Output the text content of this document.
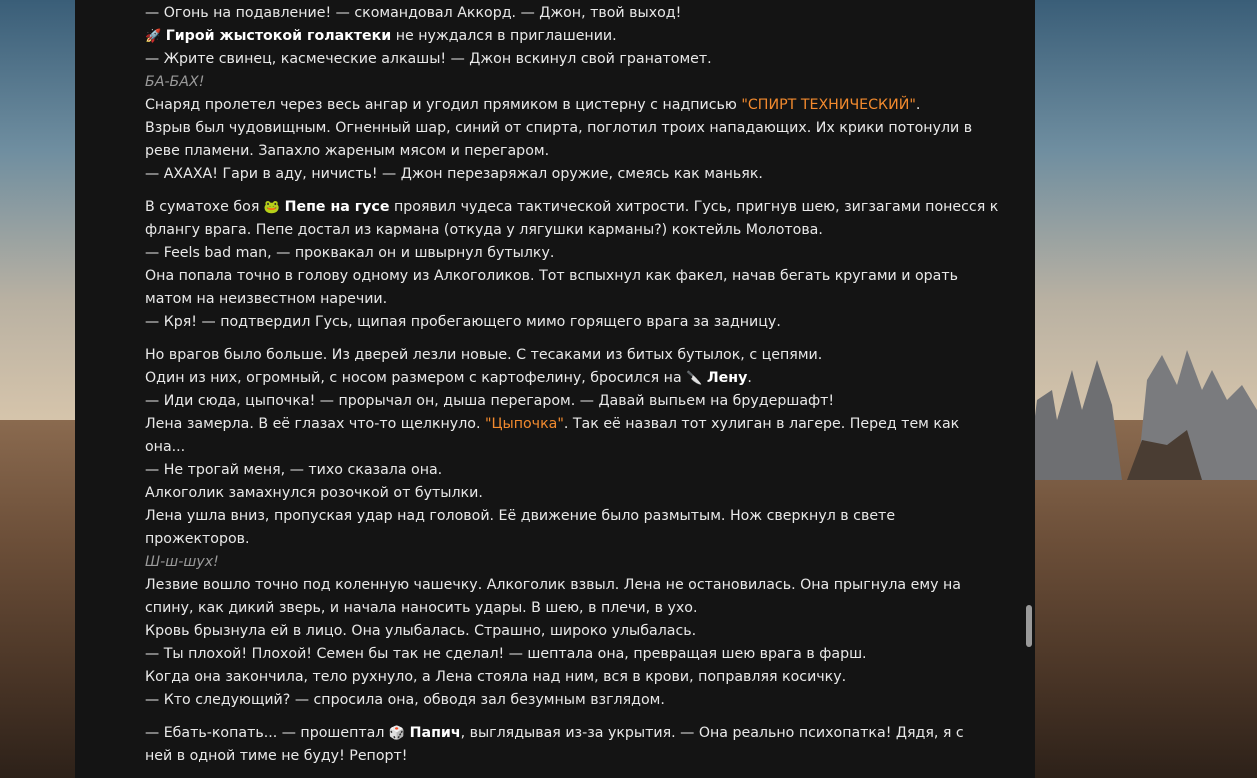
— Огонь на подавление! — скомандовал Аккорд. — Джон, твой выход!
🚀 Гирой жыстокой голактеки не нуждался в приглашении.
— Жрите свинец, касмеческие алкашы! — Джон вскинул свой гранатомет.
БА-БАХ!
Снаряд пролетел через весь ангар и угодил прямиком в цистерну с надписью "СПИРТ ТЕХНИЧЕСКИЙ".
Взрыв был чудовищным. Огненный шар, синий от спирта, поглотил троих нападающих. Их крики потонули в
реве пламени. Запахло жареным мясом и перегаром.
— АХАХА! Гари в аду, ничисть! — Джон перезаряжал оружие, смеясь как маньяк.
В суматохе боя 🐸 Пепе на гусе проявил чудеса тактической хитрости. Гусь, пригнув шею, зигзагами понесся к
флангу врага. Пепе достал из кармана (откуда у лягушки карманы?) коктейль Молотова.
— Feels bad man, — проквакал он и швырнул бутылку.
Она попала точно в голову одному из Алкоголиков. Тот вспыхнул как факел, начав бегать кругами и орать
матом на неизвестном наречии.
— Кря! — подтвердил Гусь, щипая пробегающего мимо горящего врага за задницу.
Но врагов было больше. Из дверей лезли новые. С тесаками из битых бутылок, с цепями.
Один из них, огромный, с носом размером с картофелину, бросился на 🔪 Лену.
— Иди сюда, цыпочка! — прорычал он, дыша перегаром. — Давай выпьем на брудершафт!
Лена замерла. В её глазах что-то щелкнуло. "Цыпочка". Так её назвал тот хулиган в лагере. Перед тем как
она...
— Не трогай меня, — тихо сказала она.
Алкоголик замахнулся розочкой от бутылки.
Лена ушла вниз, пропуская удар над головой. Её движение было размытым. Нож сверкнул в свете
прожекторов.
Ш-ш-шух!
Лезвие вошло точно под коленную чашечку. Алкоголик взвыл. Лена не остановилась. Она прыгнула ему на
спину, как дикий зверь, и начала наносить удары. В шею, в плечи, в ухо.
Кровь брызнула ей в лицо. Она улыбалась. Страшно, широко улыбалась.
— Ты плохой! Плохой! Семен бы так не сделал! — шептала она, превращая шею врага в фарш.
Когда она закончила, тело рухнуло, а Лена стояла над ним, вся в крови, поправляя косичку.
— Кто следующий? — спросила она, обводя зал безумным взглядом.
— Ебать-копать... — прошептал 🎲 Папич, выглядывая из-за укрытия. — Она реально психопатка! Дядя, я с
ней в одной тиме не буду! Репорт!
